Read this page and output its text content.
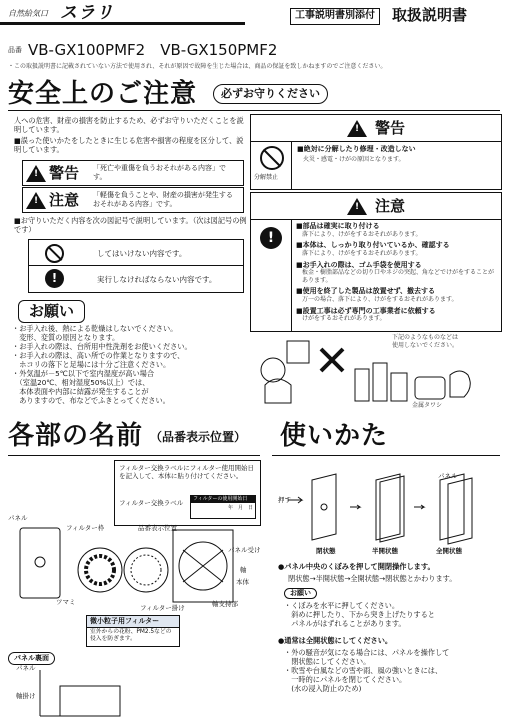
自然給気口 スラリ	工事説明書別添付	取扱説明書
品番 VB-GX100PMF2　VB-GX150PMF2
・この取扱説明書に記載されていない方法で使用され、それが原因で故障を生じた場合は、商品の保証を致しかねますのでご注意ください。
安全上のご注意	必ずお守りください
人への危害、財産の損害を防止するため、必ずお守りいただくことを説明しています。
■誤った使いかたをしたときに生じる危害や損害の程度を区分して、説明しています。
! 警告	「死亡や重傷を負うおそれがある内容」です。
! 注意	「軽傷を負うことや、財産の損害が発生するおそれがある内容」です。
■お守りいただく内容を次の図記号で説明しています。（次は図記号の例です）
してはいけない内容です。
!	実行しなければならない内容です。
! 警告
分解禁止
■絶対に分解したり修理・改造しない
火災・感電・けがの原因となります。
! 注意
!
■部品は確実に取り付ける
落下により、けがをするおそれがあります。
■本体は、しっかり取り付いているか、確認する
落下により、けがをするおそれがあります。
■お手入れの際は、ゴム手袋を使用する
板金・樹脂部品などの切り口やネジの突起、角などでけがをすることがあります。
■使用を終了した製品は放置せず、撤去する
万一の場合、落下により、けがをするおそれがあります。
■設置工事は必ず専門の工事業者に依頼する
けがをするおそれがあります。
お願い
・お手入れ後、熱による乾燥はしないでください。
　変形、変質の原因となります。
・お手入れの際は、台所用中性洗剤をお使いください。
・お手入れの際は、高い所での作業となりますので、
　ホコリの落下と足場には十分ご注意ください。
・外気温が－5℃以下で室内湿度が高い場合
　（室温20℃、相対湿度50%以上）では、
　本体表面や内部に結露が発生することが
　ありますので、布などでふきとってください。
下記のようなものなどは使用しないでください。
金属タワシ
各部の名前 （品番表示位置）
フィルター交換ラベルにフィルター使用開始日を記入して、本体に貼り付けてください。
フィルター交換ラベル	フィルターの使用開始日
年　月　日
パネル
フィルター枠	品番表示位置
パネル受け
軸
本体
ツマミ
フィルター掛け	軸支持部
微小粒子用フィルター
室外からの花粉、PM2.5などの侵入を防ぎます。
パネル裏面
パネル
軸掛け
使いかた
押す
パネル
閉状態	半開状態	全開状態
●パネル中央のくぼみを押して開閉操作します。
閉状態→半開状態→全開状態→閉状態とかわります。
お願い
・くぼみを水平に押してください。
　斜めに押したり、下から突き上げたりすると
　パネルがはずれることがあります。
●通常は全開状態にしてください。
・外の騒音が気になる場合には、パネルを操作して
　閉状態にしてください。
・吹雪や台風などの雪や雨、風の強いときには、
　一時的にパネルを閉じてください。
　(水の浸入防止のため)
